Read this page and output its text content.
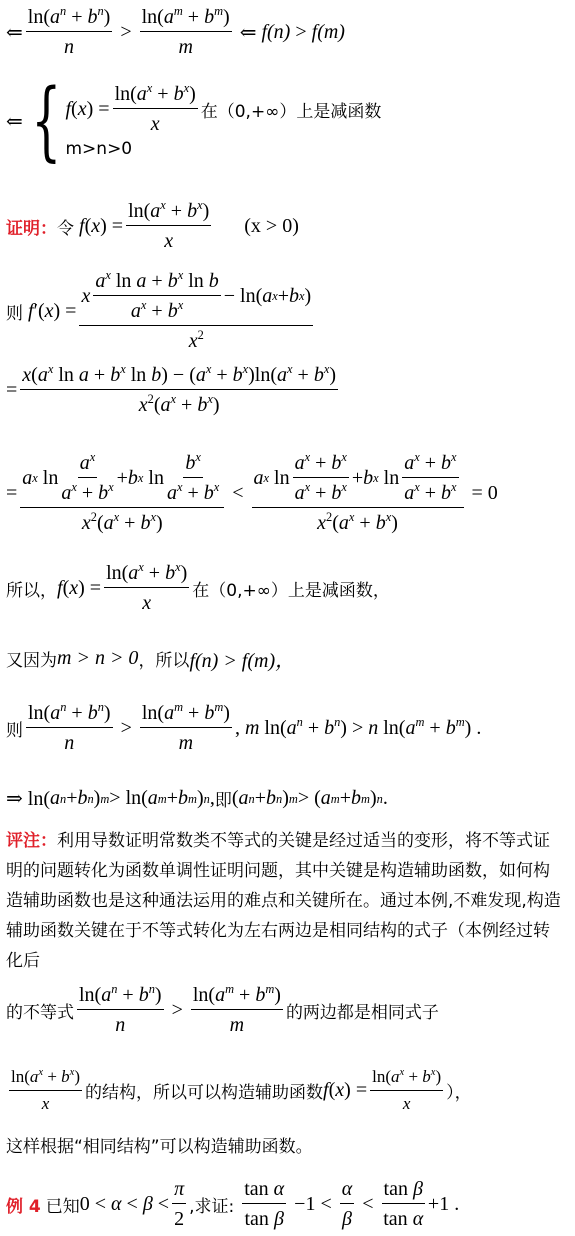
⇐ $\frac{\ln(a^n + b^n)}{n} > \frac{\ln(a^m + b^m)}{m}$ ⇐ f(n) > f(m)
⇐ { f ( x ) = $\frac{\ln(a^x + b^x)}{x}$ 在（0,+∞）上是减函数
m>n>0
证明： 令
f ( x ) = $\frac{\ln(a^x + b^x)}{x} (x > 0)$
则
f ′( x ) =
x $\frac{a^x \ln a + b^x \ln b}{a^x + b^x} - \ln$( a x + b x )
$x^2$
= $\frac{x(a^x \ln a + b^x \ln b) - (a^x + b^x)\ln(a^x + b^x)}{x^2(a^x + b^x)}$
= $\frac{a x \ln \frac{a^x}{a^x + b^x} + b x \ln \frac{b^x}{a^x + b^x}}{x^2(a^x + b^x)}$ <
a x $\ln \frac{a^x + b^x}{a^x + b^x} + b$ x $\ln \frac{a^x + b^x}{a^x + b^x}$
$x^2(a^x + b^x)$
= 0
所以， f ( x ) = $\frac{\ln(a^x + b^x)}{x}$ 在（0,+∞）上是减函数，
又因为 m > n > 0 ，所以 f(n) > f(m)，
则 $\frac{\ln(a^n + b^n)}{n} > \frac{\ln(a^m + b^m)}{m}$ , m $\ln(a^n + b^n) > n$ $\ln(a^m + b^m)$ .
⇒ ln( a n + b n ) m > ln( a m + b m ) n , 即 ( a n + b n ) m > ( a m + b m ) n .
评注：利用导数证明常数类不等式的关键是经过适当的变形，将不等式证明的问题转化为函数单调性证明问题，其中关键是构造辅助函数，如何构造辅助函数也是这种通法运用的难点和关键所在。通过本例,不难发现,构造辅助函数关键在于不等式转化为左右两边是相同结构的式子（本例经过转化后
的不等式 $\frac{\ln(a^n + b^n)}{n} > \frac{\ln(a^m + b^m)}{m}$ 的两边都是相同式子
$\frac{\ln(a^x + b^x)}{x}$ 的结构，所以可以构造辅助函数 f ( x ) = $\frac{\ln(a^x + b^x)}{x}$ ），
这样根据“相同结构”可以构造辅助函数。
例 4
已知 $0 < \alpha < \beta < \frac{\pi}{2}$ ,求证:
$\frac{\text{tan α}}{\text{tan β}} -1 < \frac{\alpha}{\beta} < \frac{\text{tan β}}{\text{tan α}} +1$ .
